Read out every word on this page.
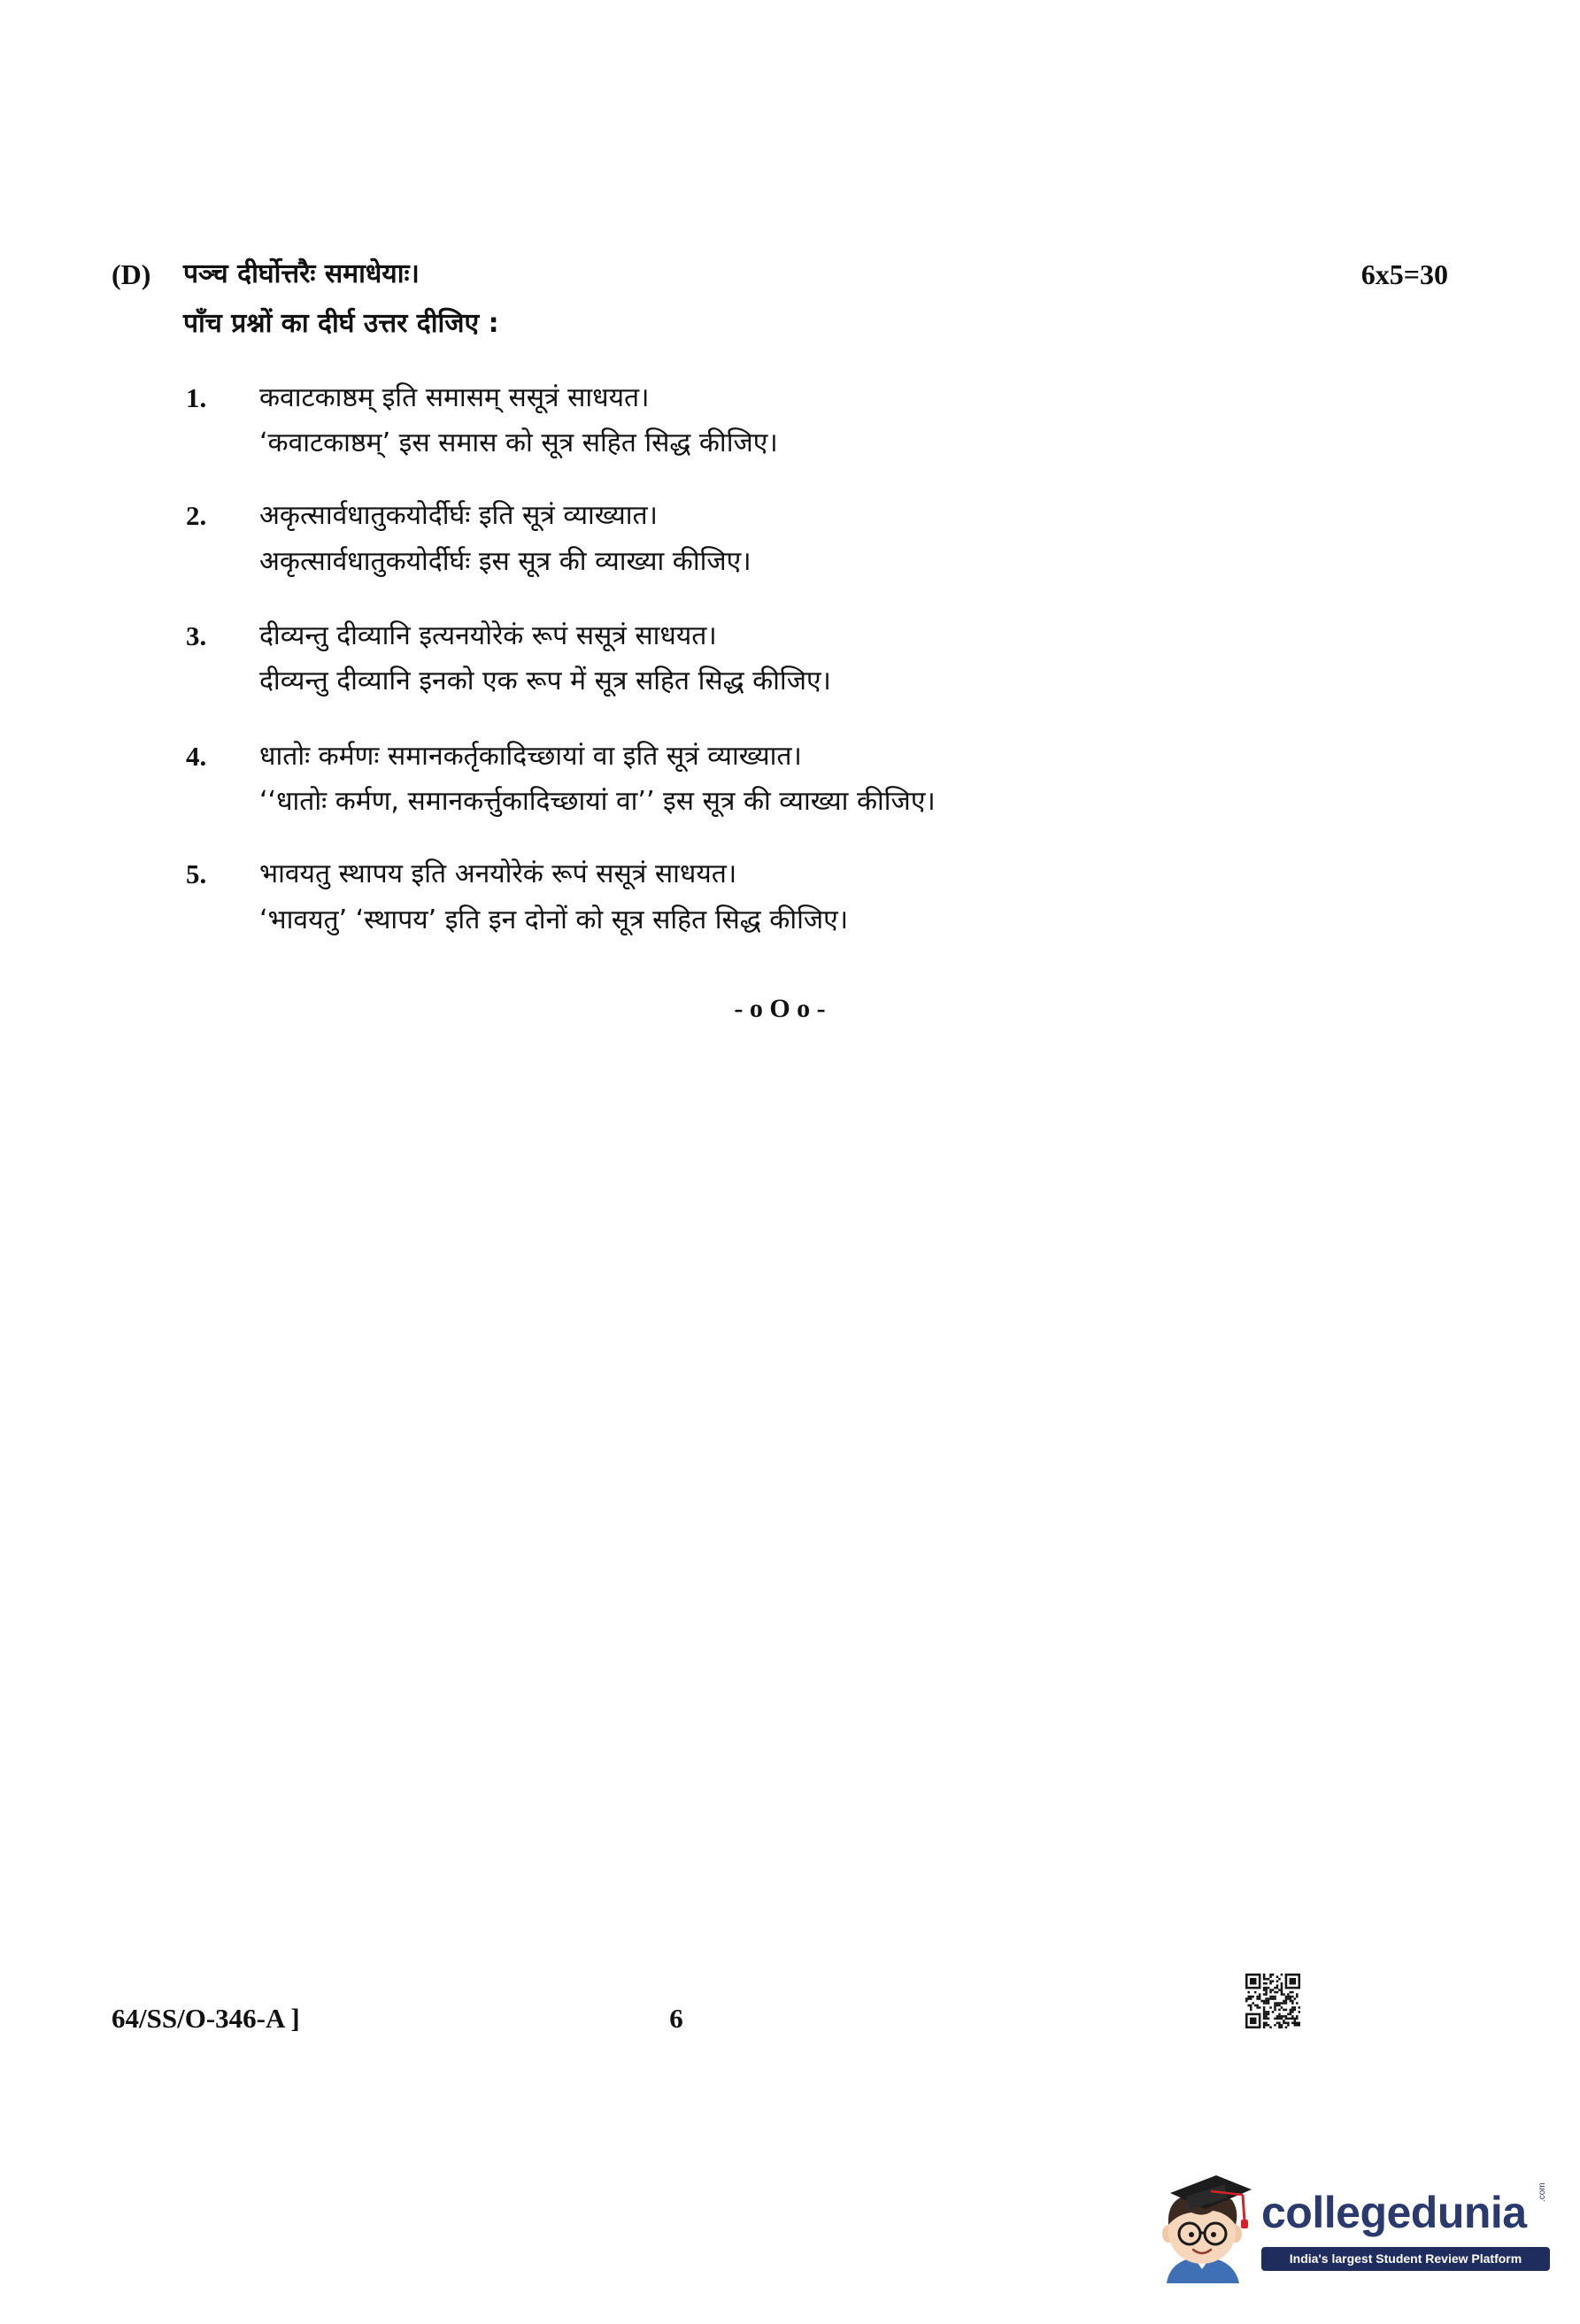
(D) पञ्च दीर्घोत्तरैः समाधेयाः।	6x5=30
पाँच प्रश्नों का दीर्घ उत्तर दीजिए :
1. कवाटकाष्ठम् इति समासम् ससूत्रं साधयत।
‘कवाटकाष्ठम्’ इस समास को सूत्र सहित सिद्ध कीजिए।
2. अकृत्सार्वधातुकयोर्दीर्घः इति सूत्रं व्याख्यात।
अकृत्सार्वधातुकयोर्दीर्घः इस सूत्र की व्याख्या कीजिए।
3. दीव्यन्तु दीव्यानि इत्यनयोरेकं रूपं ससूत्रं साधयत।
दीव्यन्तु दीव्यानि इनको एक रूप में सूत्र सहित सिद्ध कीजिए।
4. धातोः कर्मणः समानकर्तृकादिच्छायां वा इति सूत्रं व्याख्यात।
‘‘धातोः कर्मण, समानकर्त्तुकादिच्छायां वा’’ इस सूत्र की व्याख्या कीजिए।
5. भावयतु स्थापय इति अनयोरेकं रूपं ससूत्रं साधयत।
‘भावयतु’ ‘स्थापय’ इति इन दोनों को सूत्र सहित सिद्ध कीजिए।
- o O o -
64/SS/O-346-A ]	6
collegedunia .com
India's largest Student Review Platform
